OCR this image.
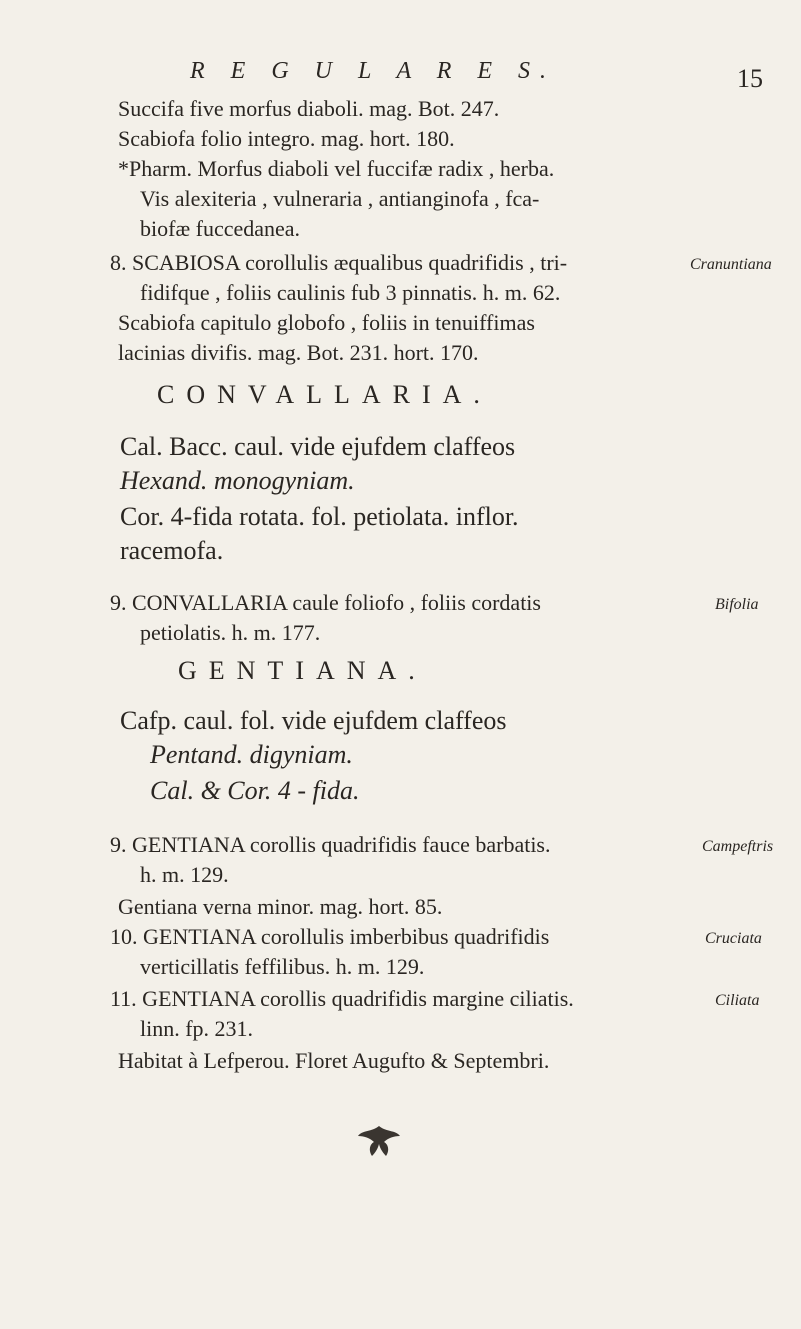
R E G U L A R E S.	15
Succifa five morfus diaboli. mag. Bot. 247.
Scabiofa folio integro. mag. hort. 180.
*Pharm. Morfus diaboli vel fuccifæ radix , herba.
Vis alexiteria , vulneraria , antianginofa , fca-
biofæ fuccedanea.
8. SCABIOSA corollulis æqualibus quadrifidis , tri-
fidifque , foliis caulinis fub 3 pinnatis. h. m. 62.
Scabiofa capitulo globofo , foliis in tenuiffimas
lacinias divifis. mag. Bot. 231. hort. 170.
CONVALLARIA.
Cal. Bacc. caul. vide ejufdem claffeos
Hexand. monogyniam.
Cor. 4-fida rotata. fol. petiolata. inflor.
racemofa.
9. CONVALLARIA caule foliofo , foliis cordatis
petiolatis. h. m. 177.
GENTIANA.
Cafp. caul. fol. vide ejufdem claffeos
Pentand. digyniam.
Cal. & Cor. 4 - fida.
9. GENTIANA corollis quadrifidis fauce barbatis.
h. m. 129.
Gentiana verna minor. mag. hort. 85.
10. GENTIANA corollulis imberbibus quadrifidis
verticillatis feffilibus. h. m. 129.
11. GENTIANA corollis quadrifidis margine ciliatis.
linn. fp. 231.
Habitat à Lefperou. Floret Augufto & Septembri.
Cranuntiana
Bifolia
Campeftris
Cruciata
Ciliata
